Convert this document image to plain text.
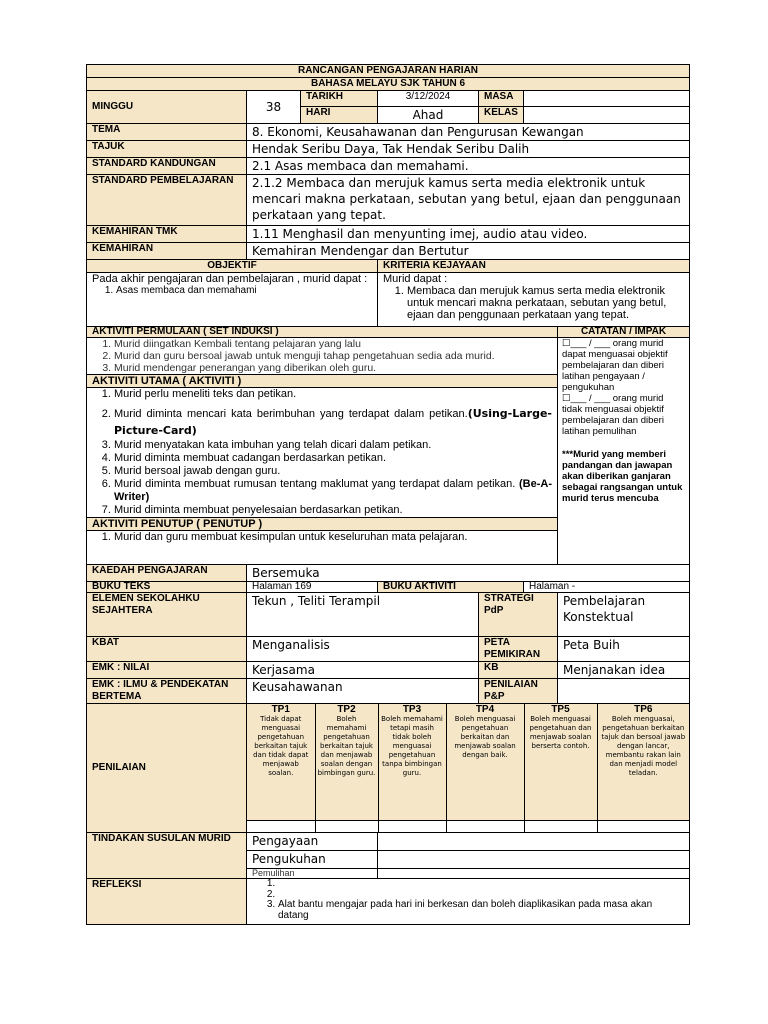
RANCANGAN PENGAJARAN HARIAN
BAHASA MELAYU SJK TAHUN 6
MINGGU	38	TARIKH	3/12/2024	MASA	
HARI	Ahad	KELAS	
TEMA	8. Ekonomi, Keusahawanan dan Pengurusan Kewangan
TAJUK	Hendak Seribu Daya, Tak Hendak Seribu Dalih
STANDARD KANDUNGAN	2.1 Asas membaca dan memahami.
STANDARD PEMBELAJARAN	2.1.2 Membaca dan merujuk kamus serta media elektronik untuk mencari makna perkataan, sebutan yang betul, ejaan dan penggunaan perkataan yang tepat.
KEMAHIRAN TMK	1.11 Menghasil dan menyunting imej, audio atau video.
KEMAHIRAN	Kemahiran Mendengar dan Bertutur
OBJEKTIF	KRITERIA KEJAYAAN

Pada akhir pengajaran dan pembelajaran , murid dapat :
1. Asas membaca dan memahami

Murid dapat :
1. Membaca dan merujuk kamus serta media elektronik untuk mencari makna perkataan, sebutan yang betul, ejaan dan penggunaan perkataan yang tepat.

AKTIVITI PERMULAAN ( SET INDUKSI )	CATATAN / IMPAK

1. Murid diingatkan Kembali tentang pelajaran yang lalu
2. Murid dan guru bersoal jawab untuk menguji tahap pengetahuan sedia ada murid.
3. Murid mendengar penerangan yang diberikan oleh guru.

☐___ / ___ orang murid dapat menguasai objektif pembelajaran dan diberi latihan pengayaan / pengukuhan
☐___ / ___ orang murid tidak menguasai objektif pembelajaran dan diberi latihan pemulihan
***Murid yang memberi pandangan dan jawapan akan diberikan ganjaran sebagai rangsangan untuk murid terus mencuba

AKTIVITI UTAMA ( AKTIVITI )

1. Murid perlu meneliti teks dan petikan.
2. Murid diminta mencari kata berimbuhan yang terdapat dalam petikan.(Using-Large-Picture-Card)
3. Murid menyatakan kata imbuhan yang telah dicari dalam petikan.
4. Murid diminta membuat cadangan berdasarkan petikan.
5. Murid bersoal jawab dengan guru.
6. Murid diminta membuat rumusan tentang maklumat yang terdapat dalam petikan. (Be-A-Writer)
7. Murid diminta membuat penyelesaian berdasarkan petikan.

AKTIVITI PENUTUP ( PENUTUP )

1. Murid dan guru membuat kesimpulan untuk keseluruhan mata pelajaran.

KAEDAH PENGAJARAN	Bersemuka
BUKU TEKS	Halaman 169	BUKU AKTIVITI	Halaman -
ELEMEN SEKOLAHKU SEJAHTERA	Tekun , Teliti Terampil	STRATEGI PdP	Pembelajaran Konstektual
KBAT	Menganalisis	PETA PEMIKIRAN	Peta Buih
EMK : NILAI	Kerjasama	KB	Menjanakan idea
EMK : ILMU & PENDEKATAN BERTEMA	Keusahawanan	PENILAIAN P&P	
PENILAIAN	
TP1
Tidak dapat menguasai pengetahuan berkaitan tajuk dan tidak dapat menjawab soalan.

TP2
Boleh memahami pengetahuan berkaitan tajuk dan menjawab soalan dengan bimbingan guru.

TP3
Boleh memahami tetapi masih tidak boleh menguasai pengetahuan tanpa bimbingan guru.

TP4
Boleh menguasai pengetahuan berkaitan dan menjawab soalan dengan baik.

TP5
Boleh menguasai pengetahuan dan menjawab soalan berserta contoh.

TP6
Boleh menguasai, pengetahuan berkaitan tajuk dan bersoal jawab dengan lancar, membantu rakan lain dan menjadi model teladan.

TINDAKAN SUSULAN MURID	Pengayaan	
Pengukuhan	
Pemulihan	
REFLEKSI	
1.
2.
3. Alat bantu mengajar pada hari ini berkesan dan boleh diaplikasikan pada masa akan datang
